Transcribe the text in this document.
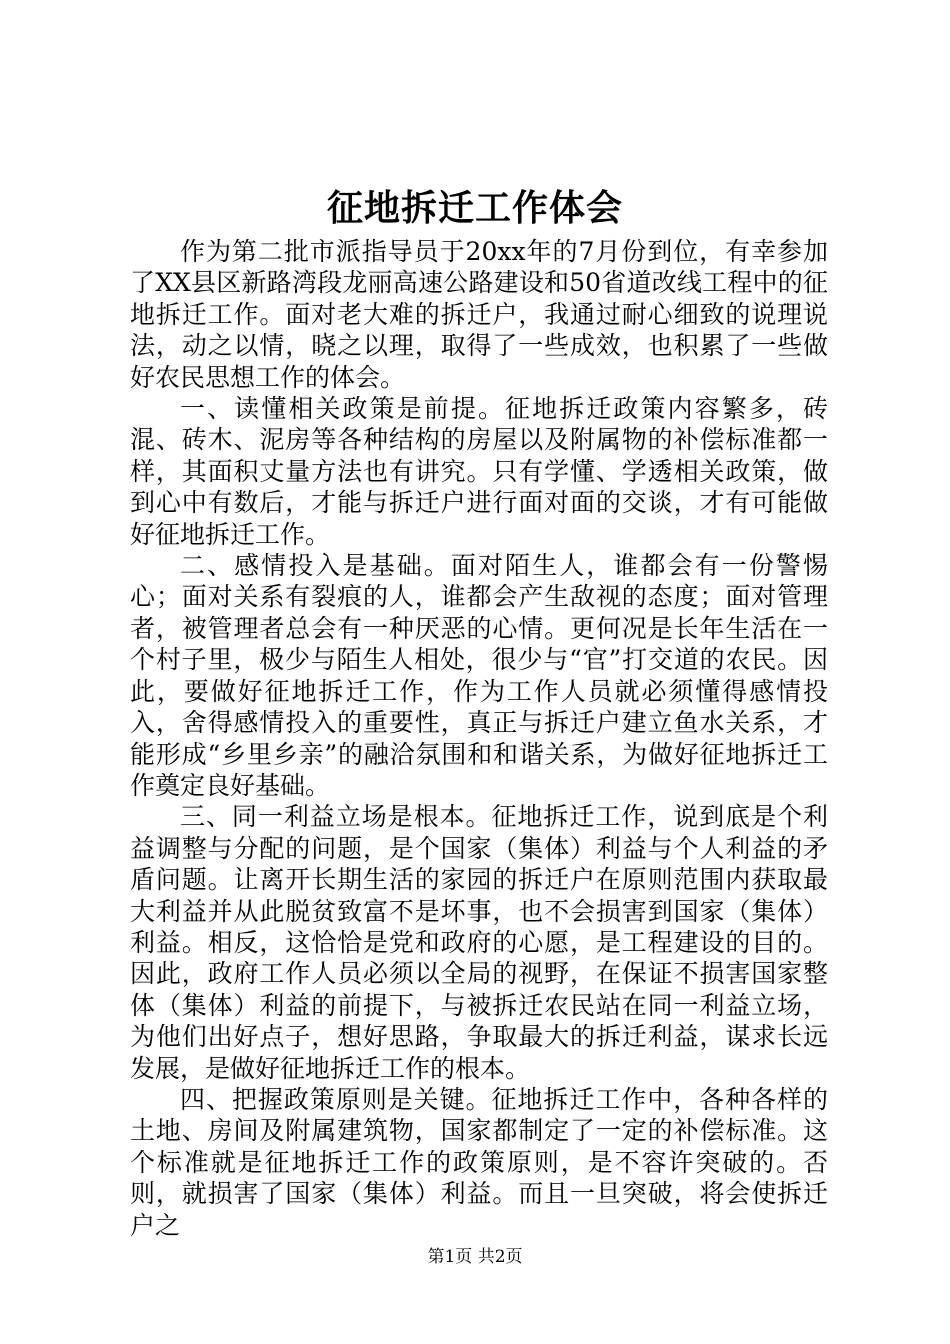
征地拆迁工作体会

作为第二批市派指导员于20xx年的7月份到位，有幸参加了XX县区新路湾段龙丽高速公路建设和50省道改线工程中的征地拆迁工作。面对老大难的拆迁户，我通过耐心细致的说理说法，动之以情，晓之以理，取得了一些成效，也积累了一些做好农民思想工作的体会。

一、读懂相关政策是前提。征地拆迁政策内容繁多，砖混、砖木、泥房等各种结构的房屋以及附属物的补偿标准都一样，其面积丈量方法也有讲究。只有学懂、学透相关政策，做到心中有数后，才能与拆迁户进行面对面的交谈，才有可能做好征地拆迁工作。

二、感情投入是基础。面对陌生人，谁都会有一份警惕心；面对关系有裂痕的人，谁都会产生敌视的态度；面对管理者，被管理者总会有一种厌恶的心情。更何况是长年生活在一个村子里，极少与陌生人相处，很少与“官”打交道的农民。因此，要做好征地拆迁工作，作为工作人员就必须懂得感情投入，舍得感情投入的重要性，真正与拆迁户建立鱼水关系，才能形成“乡里乡亲”的融洽氛围和和谐关系，为做好征地拆迁工作奠定良好基础。

三、同一利益立场是根本。征地拆迁工作，说到底是个利益调整与分配的问题，是个国家（集体）利益与个人利益的矛盾问题。让离开长期生活的家园的拆迁户在原则范围内获取最大利益并从此脱贫致富不是坏事，也不会损害到国家（集体）利益。相反，这恰恰是党和政府的心愿，是工程建设的目的。因此，政府工作人员必须以全局的视野，在保证不损害国家整体（集体）利益的前提下，与被拆迁农民站在同一利益立场，为他们出好点子，想好思路，争取最大的拆迁利益，谋求长远发展，是做好征地拆迁工作的根本。

四、把握政策原则是关键。征地拆迁工作中，各种各样的土地、房间及附属建筑物，国家都制定了一定的补偿标准。这个标准就是征地拆迁工作的政策原则，是不容许突破的。否则，就损害了国家（集体）利益。而且一旦突破，将会使拆迁户之

第1页 共2页
